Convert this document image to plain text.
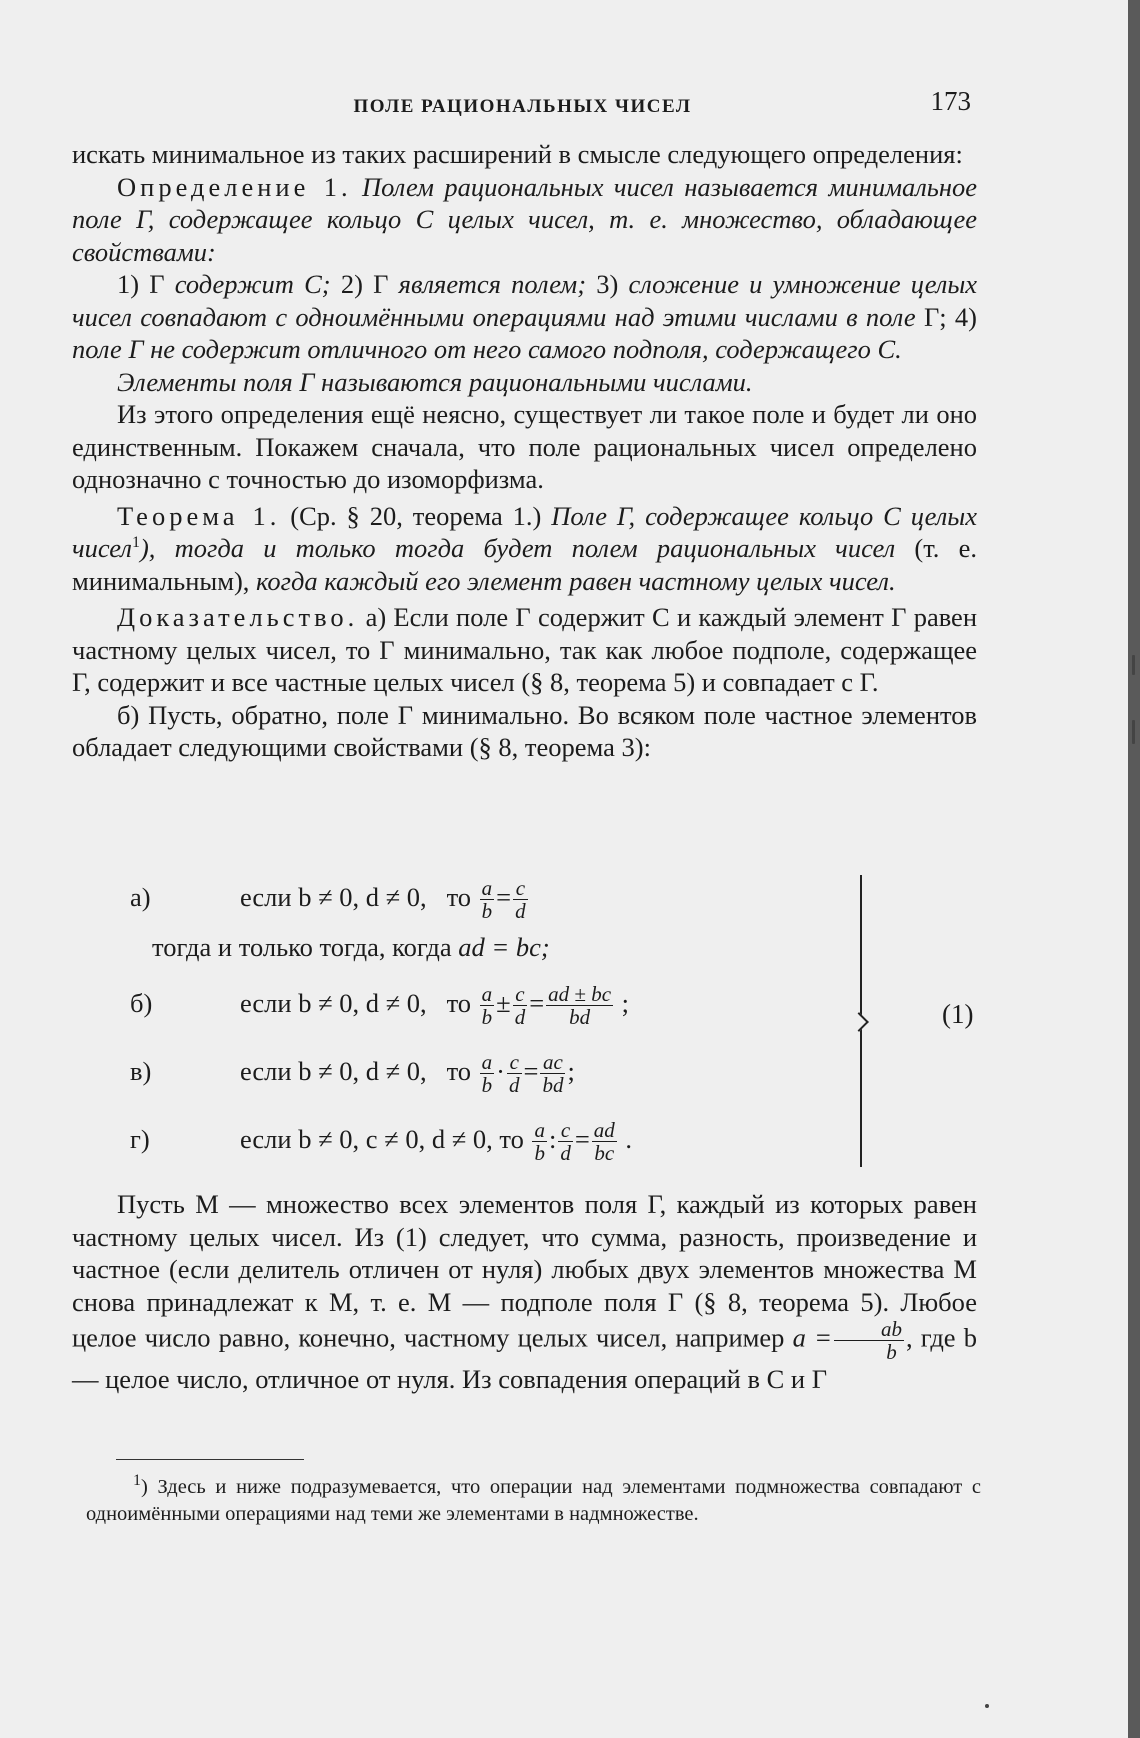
ПОЛЕ РАЦИОНАЛЬНЫХ ЧИСЕЛ	173

искать минимальное из таких расширений в смысле следующего определения:

Определение 1. Полем рациональных чисел называется минимальное поле Γ, содержащее кольцо C целых чисел, т. е. множество, обладающее свойствами:

1) Γ содержит C; 2) Γ является полем; 3) сложение и умножение целых чисел совпадают с одноимёнными операциями над этими числами в поле Γ; 4) поле Γ не содержит отличного от него самого подполя, содержащего C.

Элементы поля Γ называются рациональными числами.

Из этого определения ещё неясно, существует ли такое поле и будет ли оно единственным. Покажем сначала, что поле рациональных чисел определено однозначно с точностью до изоморфизма.

Теорема 1. (Ср. § 20, теорема 1.) Поле Γ, содержащее кольцо C целых чисел$^1$), тогда и только тогда будет полем рациональных чисел (т. е. минимальным), когда каждый его элемент равен частному целых чисел.

Доказательство. а) Если поле Γ содержит C и каждый элемент Γ равен частному целых чисел, то Γ минимально, так как любое подполе, содержащее Γ, содержит и все частные целых чисел (§ 8, теорема 5) и совпадает с Γ.

б) Пусть, обратно, поле Γ минимально. Во всяком поле частное элементов обладает следующими свойствами (§ 8, теорема 3):

а)	если b ≠ 0, d ≠ 0, то $\frac{a}{b} = \frac{c}{d}$
тогда и только тогда, когда ad = bc;
б)	если b ≠ 0, d ≠ 0, то $\frac{a}{b} \pm \frac{c}{d} = \frac{ad \pm bc}{bd}$ ;
в)	если b ≠ 0, d ≠ 0, то $\frac{a}{b} \cdot \frac{c}{d} = \frac{ac}{bd}$ ;
г)	если b ≠ 0, c ≠ 0, d ≠ 0, то $\frac{a}{b}$ : $\frac{c}{d} = \frac{ad}{bc}$ .
(1)

Пусть M — множество всех элементов поля Γ, каждый из которых равен частному целых чисел. Из (1) следует, что сумма, разность, произведение и частное (если делитель отличен от нуля) любых двух элементов множества M снова принадлежат к M, т. е. M — подполе поля Γ (§ 8, теорема 5). Любое целое число равно, конечно, частному целых чисел, например $a = \frac{ab}{b}$ , где b — целое число, отличное от нуля. Из совпадения операций в C и Γ

$^1$) Здесь и ниже подразумевается, что операции над элементами подмножества совпадают с одноимёнными операциями над теми же элементами в надмножестве.
